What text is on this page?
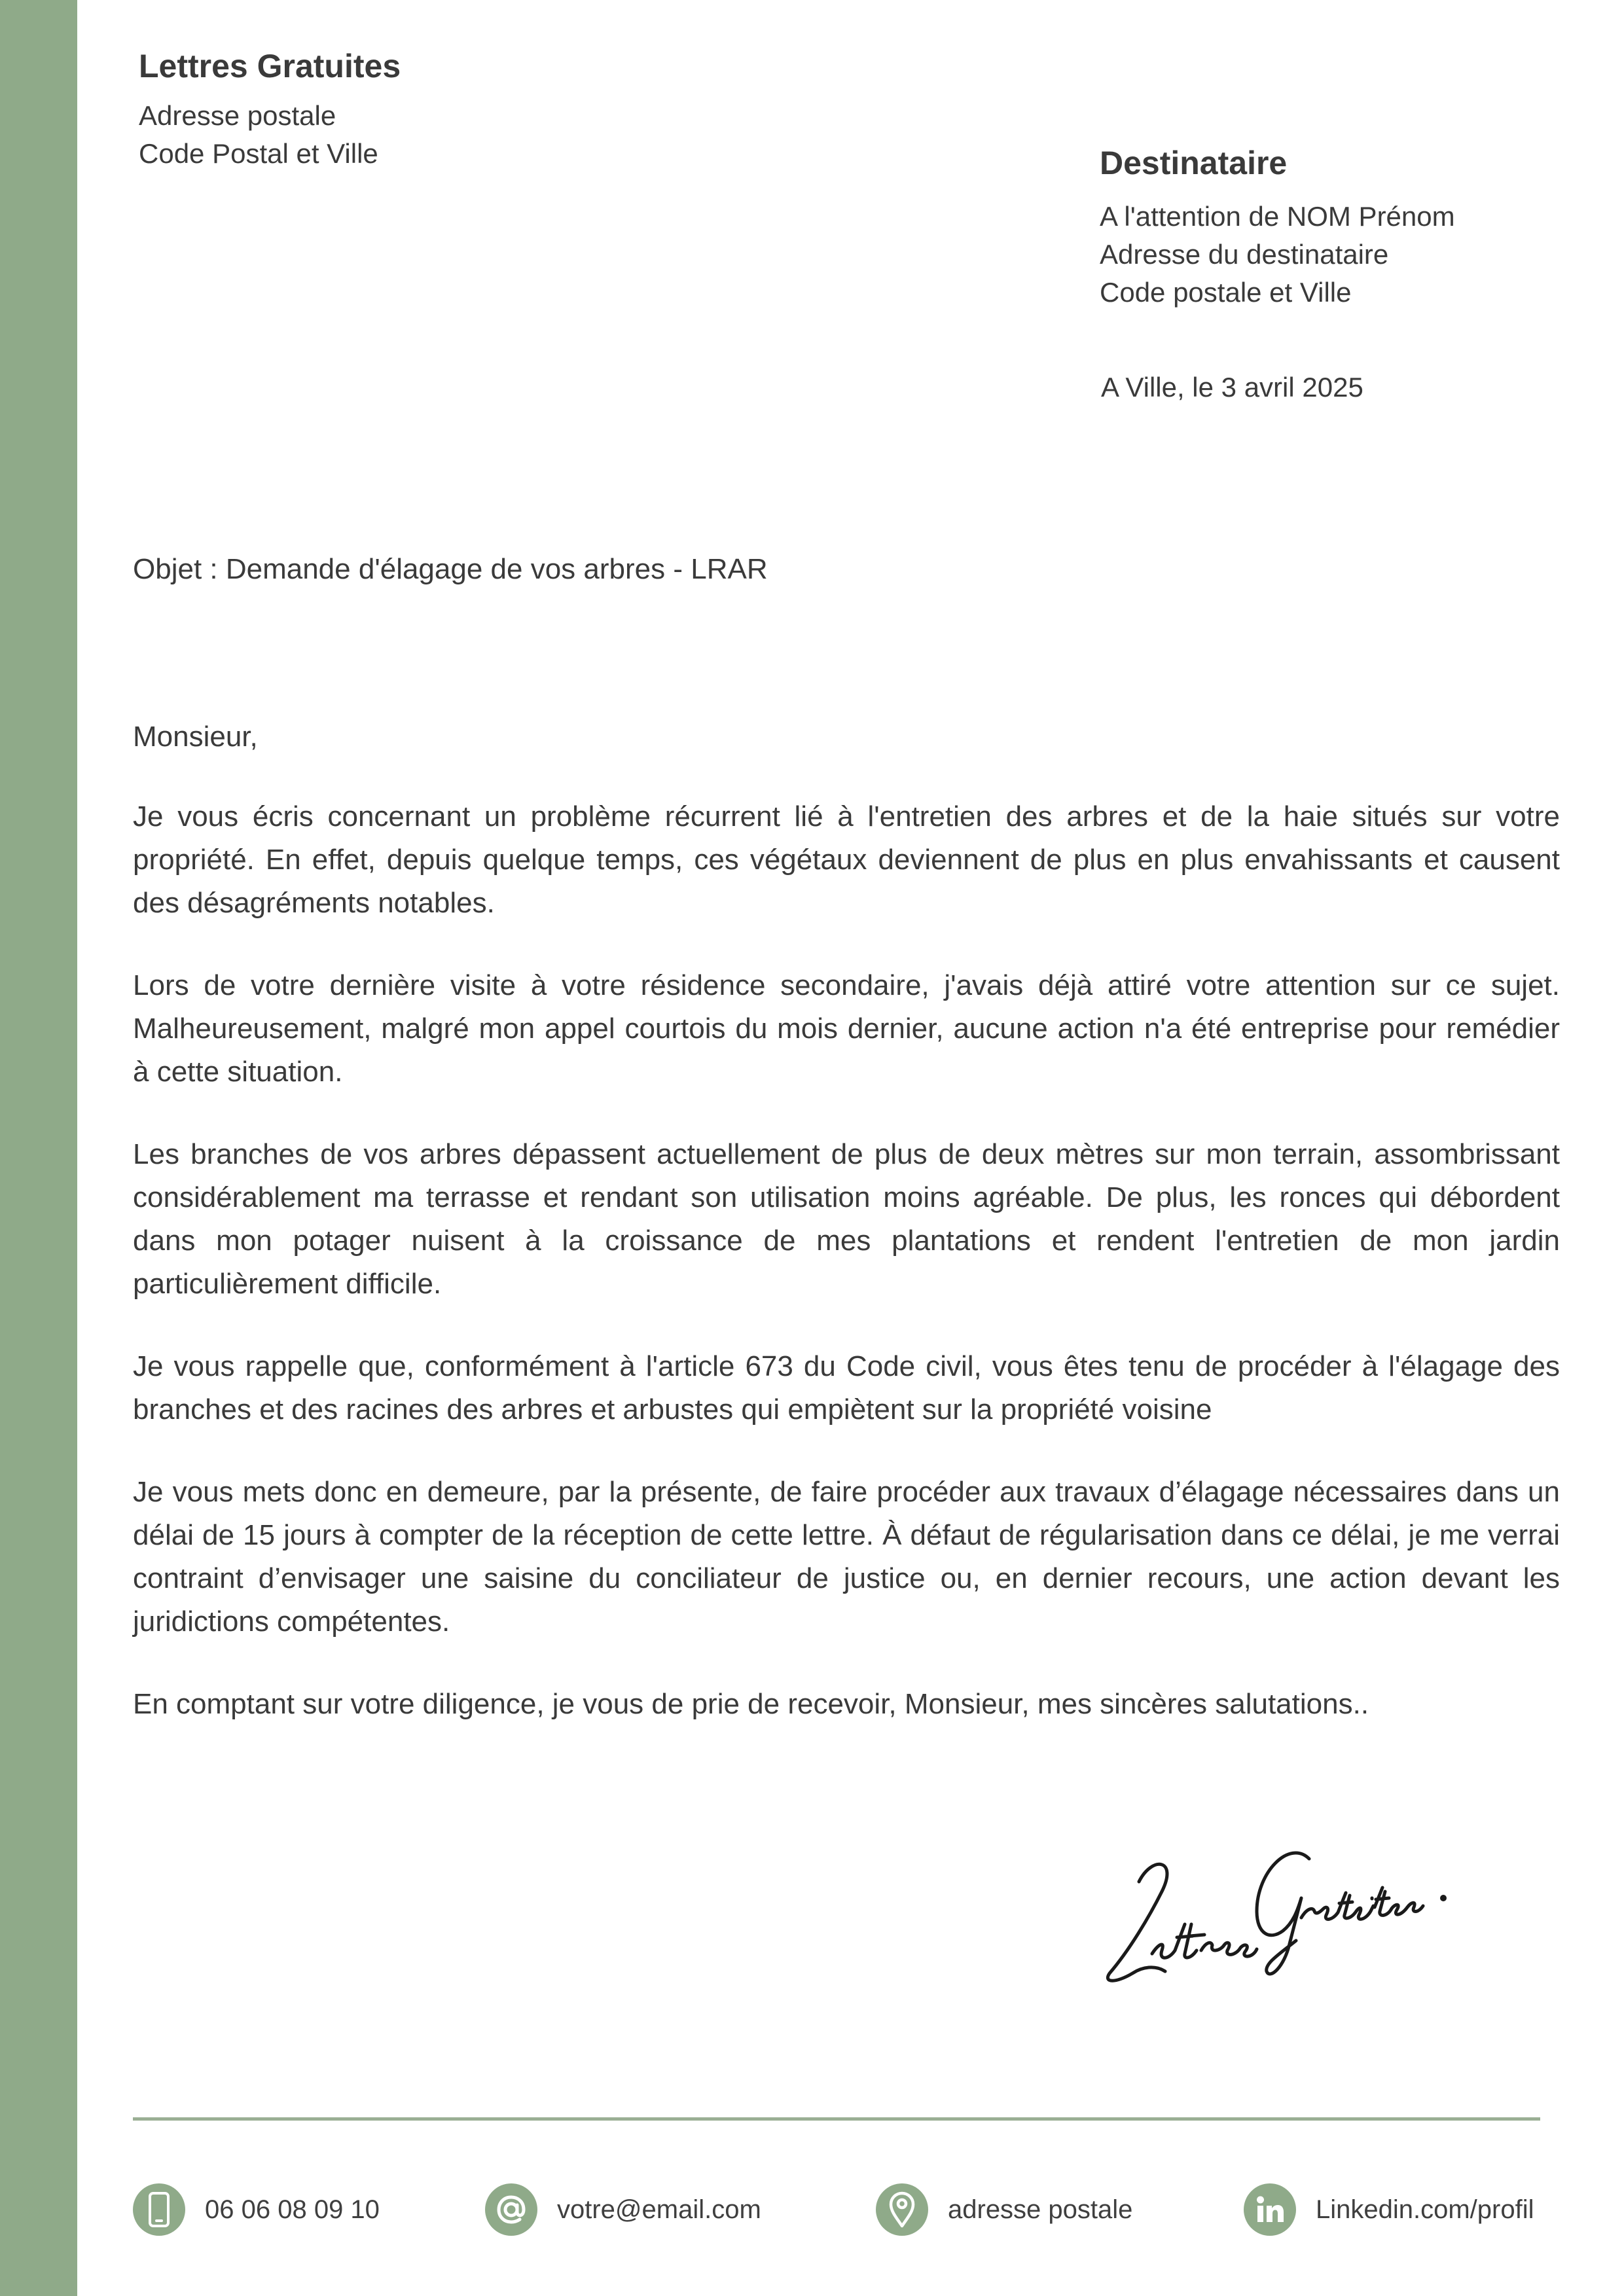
Lettres Gratuites
Adresse postale
Code Postal et Ville	Destinataire
A l'attention de NOM Prénom
Adresse du destinataire
Code postale et Ville
A Ville, le 3 avril 2025
Objet : Demande d'élagage de vos arbres - LRAR
Monsieur,
Je vous écris concernant un problème récurrent lié à l'entretien des arbres et de la haie situés sur votre propriété. En effet, depuis quelque temps, ces végétaux deviennent de plus en plus envahissants et causent des désagréments notables.
Lors de votre dernière visite à votre résidence secondaire, j'avais déjà attiré votre attention sur ce sujet. Malheureusement, malgré mon appel courtois du mois dernier, aucune action n'a été entreprise pour remédier à cette situation.
Les branches de vos arbres dépassent actuellement de plus de deux mètres sur mon terrain, assombrissant considérablement ma terrasse et rendant son utilisation moins agréable. De plus, les ronces qui débordent dans mon potager nuisent à la croissance de mes plantations et rendent l'entretien de mon jardin particulièrement difficile.
Je vous rappelle que, conformément à l'article 673 du Code civil, vous êtes tenu de procéder à l'élagage des branches et des racines des arbres et arbustes qui empiètent sur la propriété voisine
Je vous mets donc en demeure, par la présente, de faire procéder aux travaux d’élagage nécessaires dans un délai de 15 jours à compter de la réception de cette lettre. À défaut de régularisation dans ce délai, je me verrai contraint d’envisager une saisine du conciliateur de justice ou, en dernier recours, une action devant les juridictions compétentes.
En comptant sur votre diligence, je vous de prie de recevoir, Monsieur, mes sincères salutations..
06 06 08 09 10	votre@email.com	adresse postale	Linkedin.com/profil
